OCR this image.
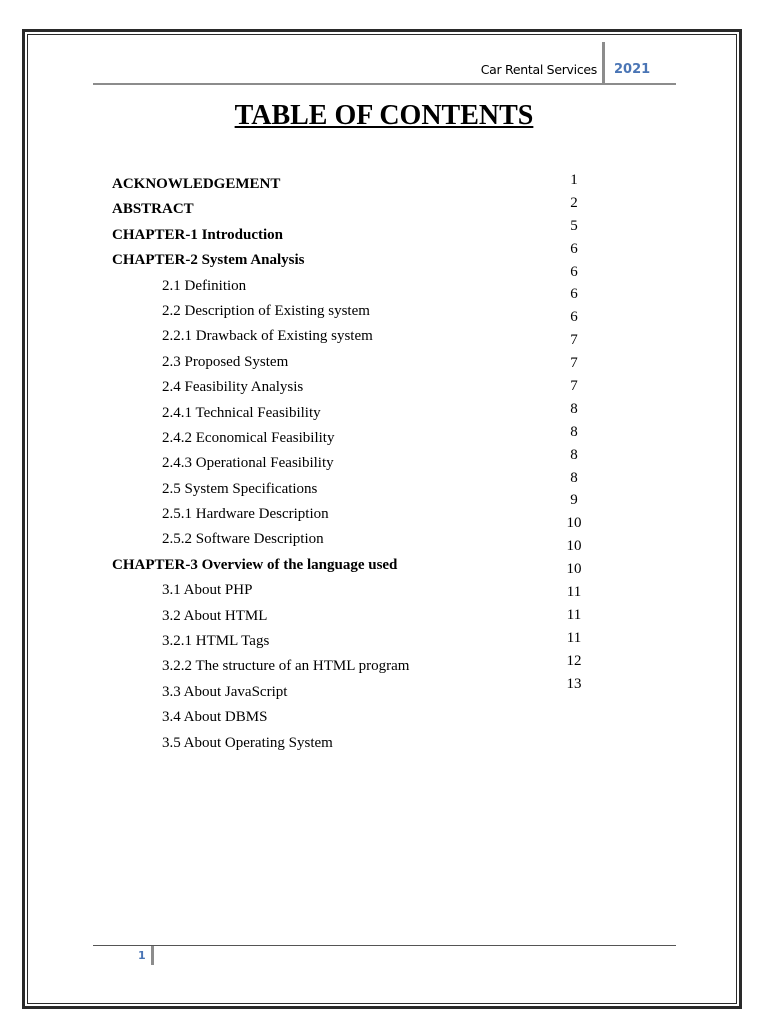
Car Rental Services 2021
TABLE OF CONTENTS
ACKNOWLEDGEMENT
ABSTRACT
CHAPTER-1 Introduction
CHAPTER-2 System Analysis
2.1 Definition
2.2 Description of Existing system
2.2.1 Drawback of Existing system
2.3 Proposed System
2.4 Feasibility Analysis
2.4.1 Technical Feasibility
2.4.2 Economical Feasibility
2.4.3 Operational Feasibility
2.5 System Specifications
2.5.1 Hardware Description
2.5.2 Software Description
CHAPTER-3 Overview of the language used
3.1 About PHP
3.2 About HTML
3.2.1 HTML Tags
3.2.2 The structure of an HTML program
3.3 About JavaScript
3.4 About DBMS
3.5 About Operating System
1
2
5
6
6
6
6
7
7
7
8
8
8
8
9
10
10
10
11
11
11
12
13
1
